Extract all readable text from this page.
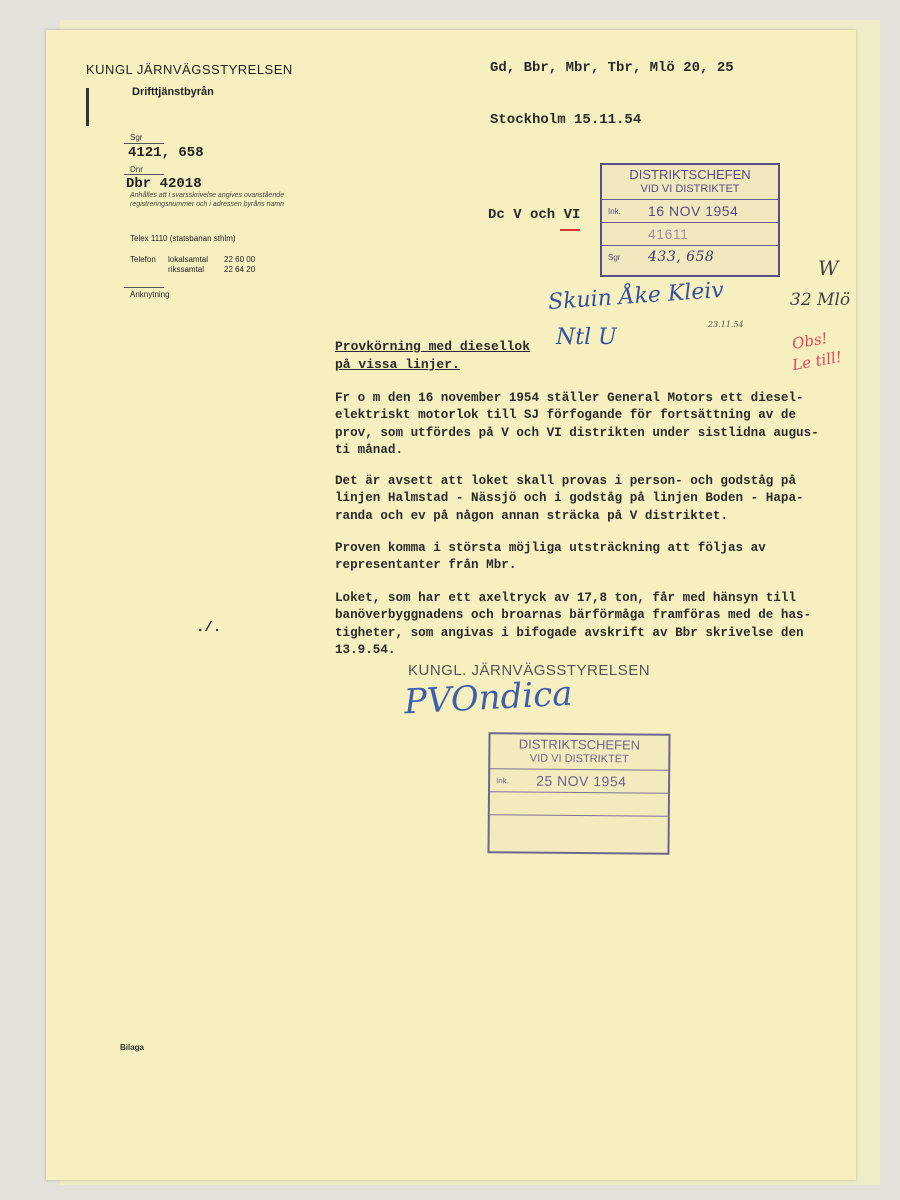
KUNGL JÄRNVÄGSSTYRELSEN
Drifttjänstbyrån
Sgr
4121, 658
Dnr
Dbr 42018
Anhålles att i svarsskrivelse angives ovanstående registreringsnummer och i adressen byråns namn
Telex 1110 (statsbanan sthlm)
Telefon	lokalsamtal	22 60 00
rikssamtal	22 64 20
Anknytning
Gd, Bbr, Mbr, Tbr, Mlö 20, 25
Stockholm 15.11.54
Dc V och VI
DISTRIKTSCHEFEN
VID VI DISTRIKTET
Ink.	16 NOV 1954
41611
Sgr	433, 658
Skuin Åke Kleiv	32 Mlö
23.11.54
Ntl U
W
Obs!
Le till!
Provkörning med diesellok
på vissa linjer.
Fr o m den 16 november 1954 ställer General Motors ett diesel-
elektriskt motorlok till SJ förfogande för fortsättning av de
prov, som utfördes på V och VI distrikten under sistlidna augus-
ti månad.
Det är avsett att loket skall provas i person- och godståg på
linjen Halmstad - Nässjö och i godståg på linjen Boden - Hapa-
randa och ev på någon annan sträcka på V distriktet.
Proven komma i största möjliga utsträckning att följas av
representanter från Mbr.
Loket, som har ett axeltryck av 17,8 ton, får med hänsyn till
banöverbyggnadens och broarnas bärförmåga framföras med de has-
tigheter, som angivas i bifogade avskrift av Bbr skrivelse den
13.9.54.
./.
KUNGL. JÄRNVÄGSSTYRELSEN
PVOndica
DISTRIKTSCHEFEN
VID VI DISTRIKTET
Ink.	25 NOV 1954
Bilaga
